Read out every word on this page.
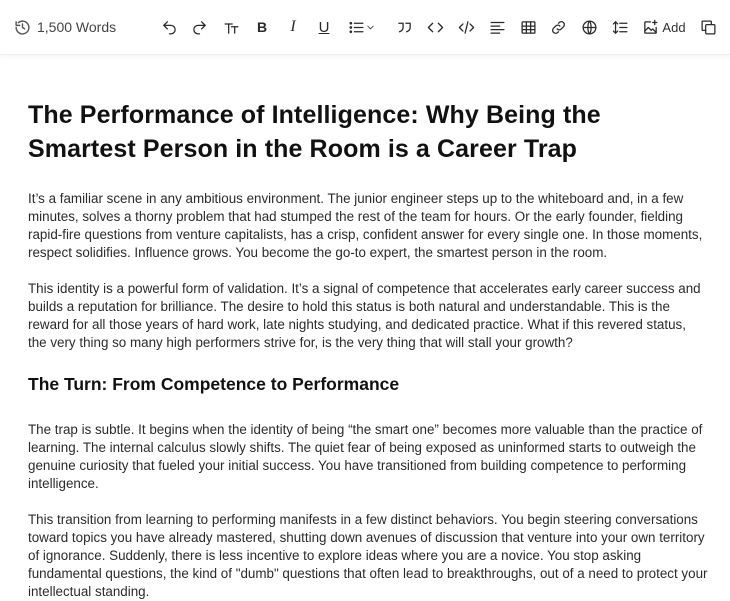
1,500 Words	B I U	Add
The Performance of Intelligence: Why Being the Smartest Person in the Room is a Career Trap

It’s a familiar scene in any ambitious environment. The junior engineer steps up to the whiteboard and, in a few minutes, solves a thorny problem that had stumped the rest of the team for hours. Or the early founder, fielding rapid-fire questions from venture capitalists, has a crisp, confident answer for every single one. In those moments, respect solidifies. Influence grows. You become the go-to expert, the smartest person in the room.

This identity is a powerful form of validation. It’s a signal of competence that accelerates early career success and builds a reputation for brilliance. The desire to hold this status is both natural and understandable. This is the reward for all those years of hard work, late nights studying, and dedicated practice. What if this revered status, the very thing so many high performers strive for, is the very thing that will stall your growth?

The Turn: From Competence to Performance

The trap is subtle. It begins when the identity of being “the smart one” becomes more valuable than the practice of learning. The internal calculus slowly shifts. The quiet fear of being exposed as uninformed starts to outweigh the genuine curiosity that fueled your initial success. You have transitioned from building competence to performing intelligence.

This transition from learning to performing manifests in a few distinct behaviors. You begin steering conversations toward topics you have already mastered, shutting down avenues of discussion that venture into your own territory of ignorance. Suddenly, there is less incentive to explore ideas where you are a novice. You stop asking fundamental questions, the kind of "dumb" questions that often lead to breakthroughs, out of a need to protect your intellectual standing.
